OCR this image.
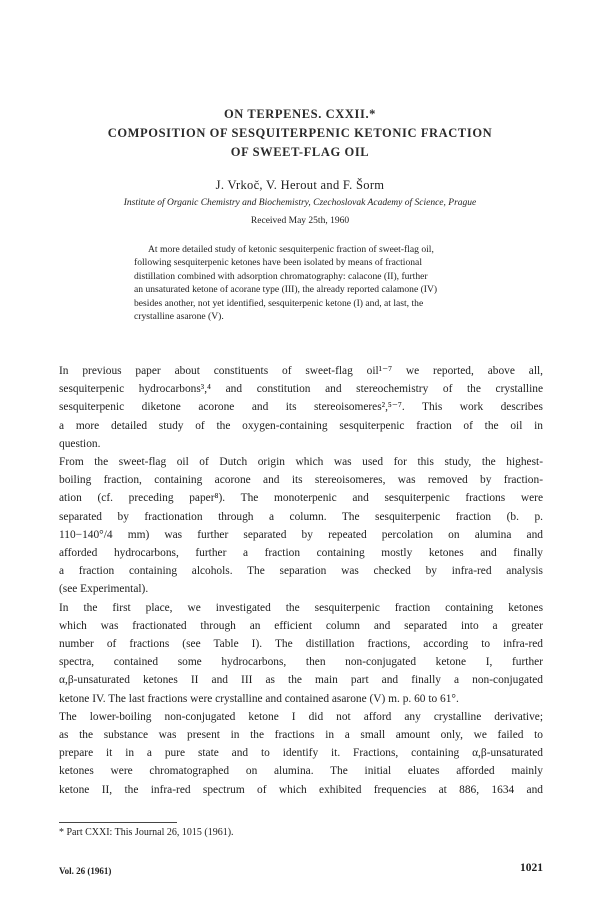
ON TERPENES. CXXII.*
COMPOSITION OF SESQUITERPENIC KETONIC FRACTION
OF SWEET-FLAG OIL
J. Vrkoč, V. Herout and F. Šorm
Institute of Organic Chemistry and Biochemistry, Czechoslovak Academy of Science, Prague
Received May 25th, 1960
At more detailed study of ketonic sesquiterpenic fraction of sweet-flag oil,
following sesquiterpenic ketones have been isolated by means of fractional
distillation combined with adsorption chromatography: calacone (II), further
an unsaturated ketone of acorane type (III), the already reported calamone (IV)
besides another, not yet identified, sesquiterpenic ketone (I) and, at last, the
crystalline asarone (V).
In previous paper about constituents of sweet-flag oil¹⁻⁷ we reported, above all,
sesquiterpenic hydrocarbons³,⁴ and constitution and stereochemistry of the crystalline
sesquiterpenic diketone acorone and its stereoisomeres²,⁵⁻⁷. This work describes
a more detailed study of the oxygen-containing sesquiterpenic fraction of the oil in
question.
From the sweet-flag oil of Dutch origin which was used for this study, the highest-
boiling fraction, containing acorone and its stereoisomeres, was removed by fraction-
ation (cf. preceding paper⁸). The monoterpenic and sesquiterpenic fractions were
separated by fractionation through a column. The sesquiterpenic fraction (b. p.
110−140°/4 mm) was further separated by repeated percolation on alumina and
afforded hydrocarbons, further a fraction containing mostly ketones and finally
a fraction containing alcohols. The separation was checked by infra-red analysis
(see Experimental).
In the first place, we investigated the sesquiterpenic fraction containing ketones
which was fractionated through an efficient column and separated into a greater
number of fractions (see Table I). The distillation fractions, according to infra-red
spectra, contained some hydrocarbons, then non-conjugated ketone I, further
α,β-unsaturated ketones II and III as the main part and finally a non-conjugated
ketone IV. The last fractions were crystalline and contained asarone (V) m. p. 60 to 61°.
The lower-boiling non-conjugated ketone I did not afford any crystalline derivative;
as the substance was present in the fractions in a small amount only, we failed to
prepare it in a pure state and to identify it. Fractions, containing α,β-unsaturated
ketones were chromatographed on alumina. The initial eluates afforded mainly
ketone II, the infra-red spectrum of which exhibited frequencies at 886, 1634 and
* Part CXXI: This Journal 26, 1015 (1961).
Vol. 26 (1961)	1021
